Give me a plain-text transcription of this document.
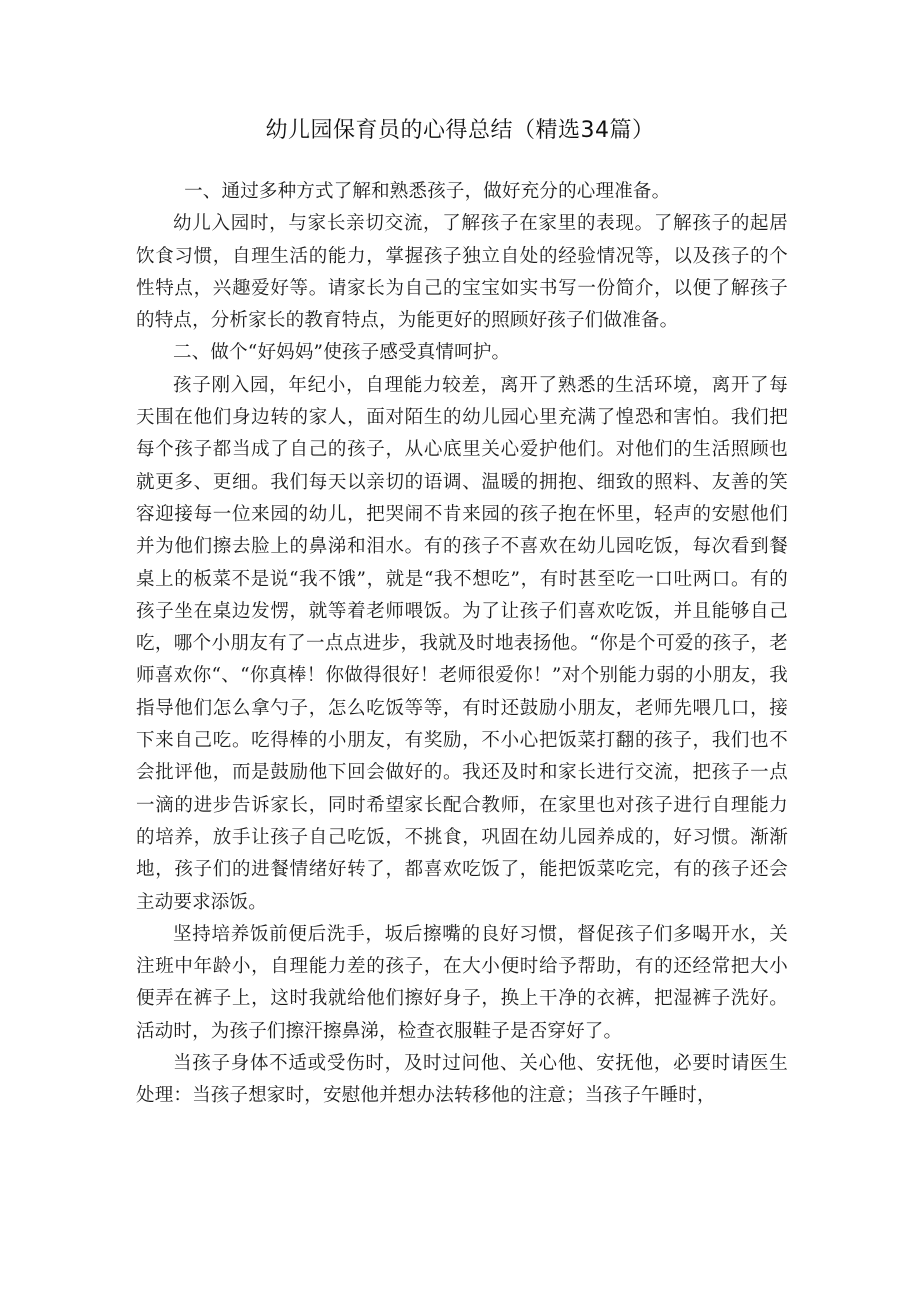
幼儿园保育员的心得总结（精选34篇）

一、通过多种方式了解和熟悉孩子，做好充分的心理准备。

幼儿入园时，与家长亲切交流，了解孩子在家里的表现。了解孩子的起居饮食习惯，自理生活的能力，掌握孩子独立自处的经验情况等，以及孩子的个性特点，兴趣爱好等。请家长为自己的宝宝如实书写一份简介，以便了解孩子的特点，分析家长的教育特点，为能更好的照顾好孩子们做准备。

二、做个“好妈妈”使孩子感受真情呵护。

孩子刚入园，年纪小，自理能力较差，离开了熟悉的生活环境，离开了每天围在他们身边转的家人，面对陌生的幼儿园心里充满了惶恐和害怕。我们把每个孩子都当成了自己的孩子，从心底里关心爱护他们。对他们的生活照顾也就更多、更细。我们每天以亲切的语调、温暖的拥抱、细致的照料、友善的笑容迎接每一位来园的幼儿，把哭闹不肯来园的孩子抱在怀里，轻声的安慰他们并为他们擦去脸上的鼻涕和泪水。有的孩子不喜欢在幼儿园吃饭，每次看到餐桌上的板菜不是说“我不饿”，就是“我不想吃”，有时甚至吃一口吐两口。有的孩子坐在桌边发愣，就等着老师喂饭。为了让孩子们喜欢吃饭，并且能够自己吃，哪个小朋友有了一点点进步，我就及时地表扬他。“你是个可爱的孩子，老师喜欢你“、“你真棒！你做得很好！老师很爱你！”对个别能力弱的小朋友，我指导他们怎么拿勺子，怎么吃饭等等，有时还鼓励小朋友，老师先喂几口，接下来自己吃。吃得棒的小朋友，有奖励，不小心把饭菜打翻的孩子，我们也不会批评他，而是鼓励他下回会做好的。我还及时和家长进行交流，把孩子一点一滴的进步告诉家长，同时希望家长配合教师，在家里也对孩子进行自理能力的培养，放手让孩子自己吃饭，不挑食，巩固在幼儿园养成的，好习惯。渐渐地，孩子们的进餐情绪好转了，都喜欢吃饭了，能把饭菜吃完，有的孩子还会主动要求添饭。

坚持培养饭前便后洗手，坂后擦嘴的良好习惯，督促孩子们多喝开水，关注班中年龄小，自理能力差的孩子，在大小便时给予帮助，有的还经常把大小便弄在裤子上，这时我就给他们擦好身子，换上干净的衣裤，把湿裤子洗好。活动时，为孩子们擦汗擦鼻涕，检查衣服鞋子是否穿好了。

当孩子身体不适或受伤时，及时过问他、关心他、安抚他，必要时请医生处理：当孩子想家时，安慰他并想办法转移他的注意；当孩子午睡时，
